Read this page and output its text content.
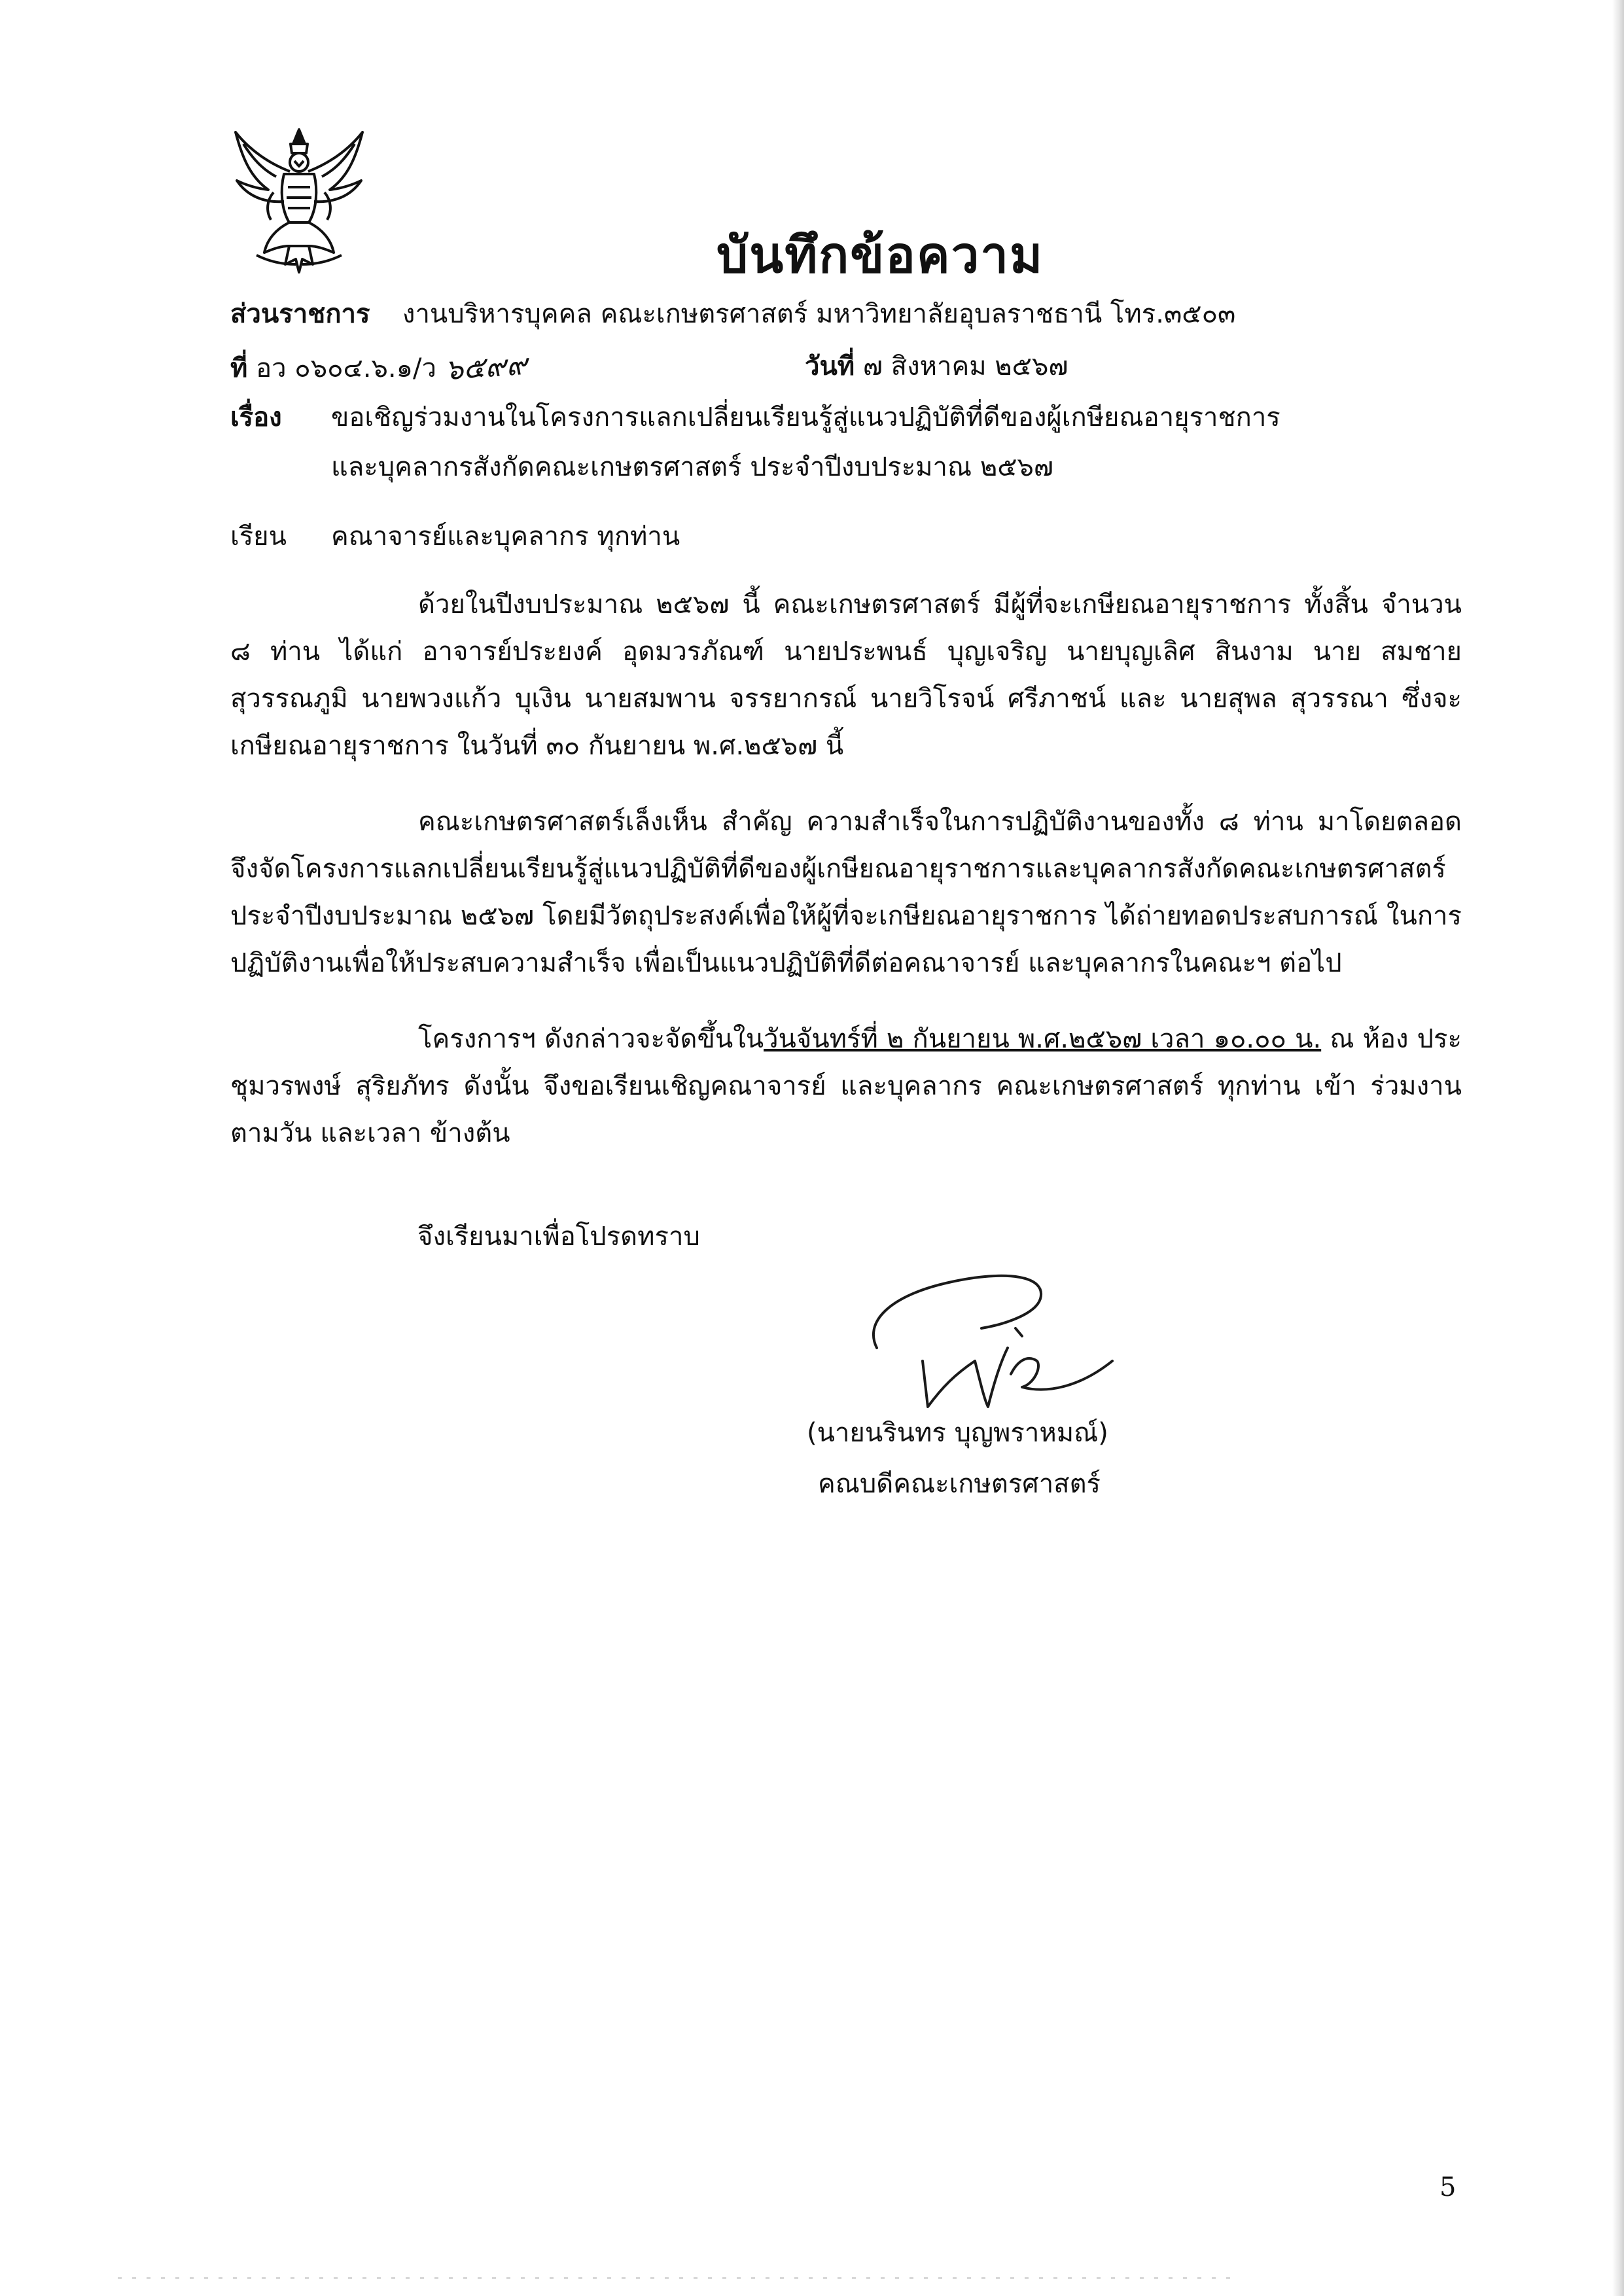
บันทึกข้อความ
ส่วนราชการ งานบริหารบุคคล คณะเกษตรศาสตร์ มหาวิทยาลัยอุบลราชธานี โทร.๓๕๐๓
ที่ อว ๐๖๐๔.๖.๑/ว ๖๕๙๙	วันที่ ๗ สิงหาคม ๒๕๖๗
เรื่อง ขอเชิญร่วมงานในโครงการแลกเปลี่ยนเรียนรู้สู่แนวปฏิบัติที่ดีของผู้เกษียณอายุราชการ
และบุคลากรสังกัดคณะเกษตรศาสตร์ ประจำปีงบประมาณ ๒๕๖๗
เรียน คณาจารย์และบุคลากร ทุกท่าน
ด้วยในปีงบประมาณ ๒๕๖๗ นี้ คณะเกษตรศาสตร์ มีผู้ที่จะเกษียณอายุราชการ ทั้งสิ้น จำนวน ๘ ท่าน ได้แก่ อาจารย์ประยงค์ อุดมวรภัณฑ์ นายประพนธ์ บุญเจริญ นายบุญเลิศ สินงาม นาย สมชาย สุวรรณภูมิ นายพวงแก้ว บุเงิน นายสมพาน จรรยากรณ์ นายวิโรจน์ ศรีภาชน์ และ นายสุพล สุวรรณา ซึ่งจะเกษียณอายุราชการ ในวันที่ ๓๐ กันยายน พ.ศ.๒๕๖๗ นี้
คณะเกษตรศาสตร์เล็งเห็น สำคัญ ความสำเร็จในการปฏิบัติงานของทั้ง ๘ ท่าน มาโดยตลอด จึงจัดโครงการแลกเปลี่ยนเรียนรู้สู่แนวปฏิบัติที่ดีของผู้เกษียณอายุราชการและบุคลากรสังกัดคณะเกษตรศาสตร์ ประจำปีงบประมาณ ๒๕๖๗ โดยมีวัตถุประสงค์เพื่อให้ผู้ที่จะเกษียณอายุราชการ ได้ถ่ายทอดประสบการณ์ ในการปฏิบัติงานเพื่อให้ประสบความสำเร็จ เพื่อเป็นแนวปฏิบัติที่ดีต่อคณาจารย์ และบุคลากรในคณะฯ ต่อไป
โครงการฯ ดังกล่าวจะจัดขึ้นในวันจันทร์ที่ ๒ กันยายน พ.ศ.๒๕๖๗ เวลา ๑๐.๐๐ น. ณ ห้อง ประชุมวรพงษ์ สุริยภัทร ดังนั้น จึงขอเรียนเชิญคณาจารย์ และบุคลากร คณะเกษตรศาสตร์ ทุกท่าน เข้า ร่วมงานตามวัน และเวลา ข้างต้น
จึงเรียนมาเพื่อโปรดทราบ
(นายนรินทร บุญพราหมณ์)
คณบดีคณะเกษตรศาสตร์
5
